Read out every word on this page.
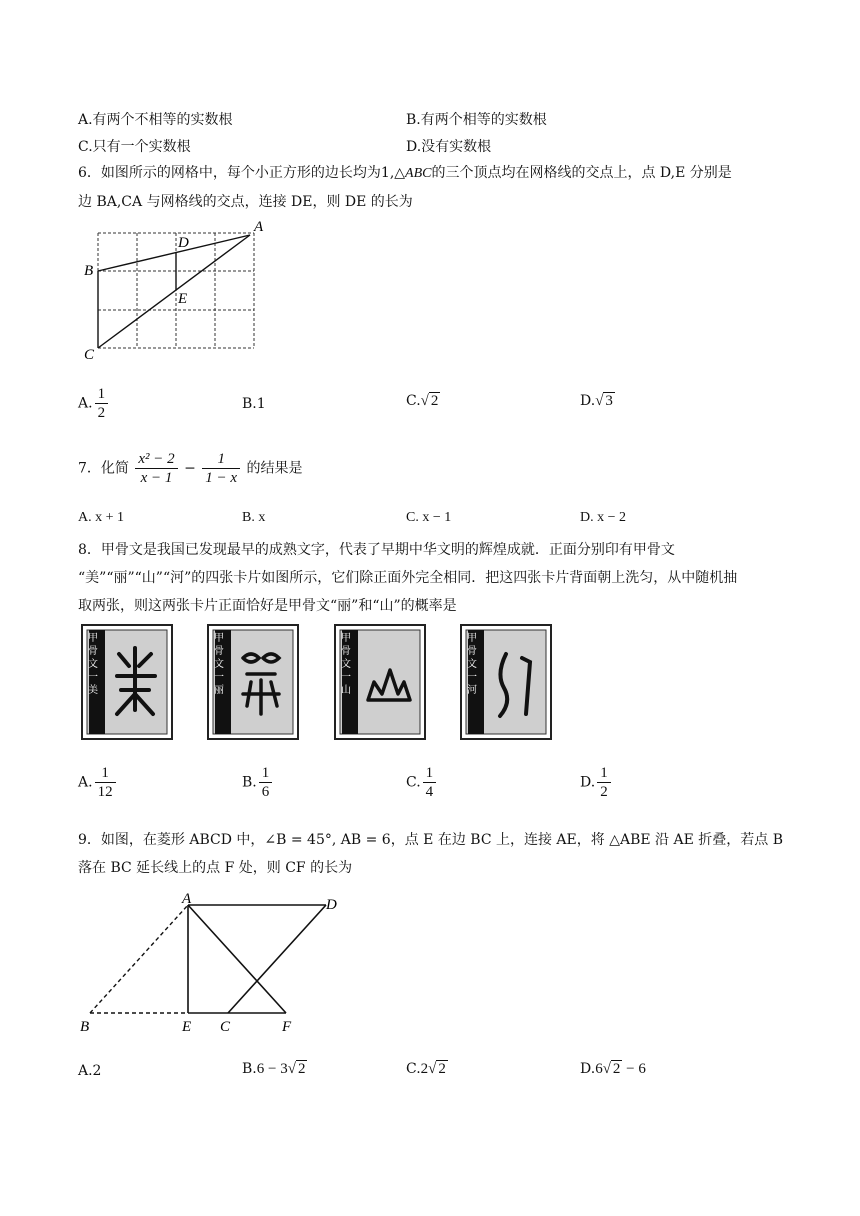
A.有两个不相等的实数根	B.有两个相等的实数根
C.只有一个实数根	D.没有实数根
6．如图所示的网格中，每个小正方形的边长均为1,△ABC的三个顶点均在网格线的交点上，点 D,E 分别是
边 BA,CA 与网格线的交点，连接 DE，则 DE 的长为
A
B
C
D
E
A. $\frac{1}{2}$	B.1	C.√ 2	D.√ 3
7．化简 $\frac{\text{x² − 2}}{x - 1} - \frac{1}{1 - x}$ 的结果是
A. x + 1	B. x	C. x − 1	D. x − 2
8．甲骨文是我国已发现最早的成熟文字，代表了早期中华文明的辉煌成就．正面分别印有甲骨文
“美”“丽”“山”“河”的四张卡片如图所示，它们除正面外完全相同．把这四张卡片背面朝上洗匀，从中随机抽
取两张，则这两张卡片正面恰好是甲骨文“丽”和“山”的概率是
甲骨文一美
甲骨文一丽
甲骨文一山
甲骨文一河
A. $\frac{1}{12}$	B. $\frac{1}{6}$	C. $\frac{1}{4}$	D. $\frac{1}{2}$
9．如图，在菱形 ABCD 中，∠B = 45°, AB = 6，点 E 在边 BC 上，连接 AE，将 △ABE 沿 AE 折叠，若点 B
落在 BC 延长线上的点 F 处，则 CF 的长为
A	D
B	E C	F
A.2	B.6 − 3√ 2	C.2√ 2	D.6√ 2 − 6
